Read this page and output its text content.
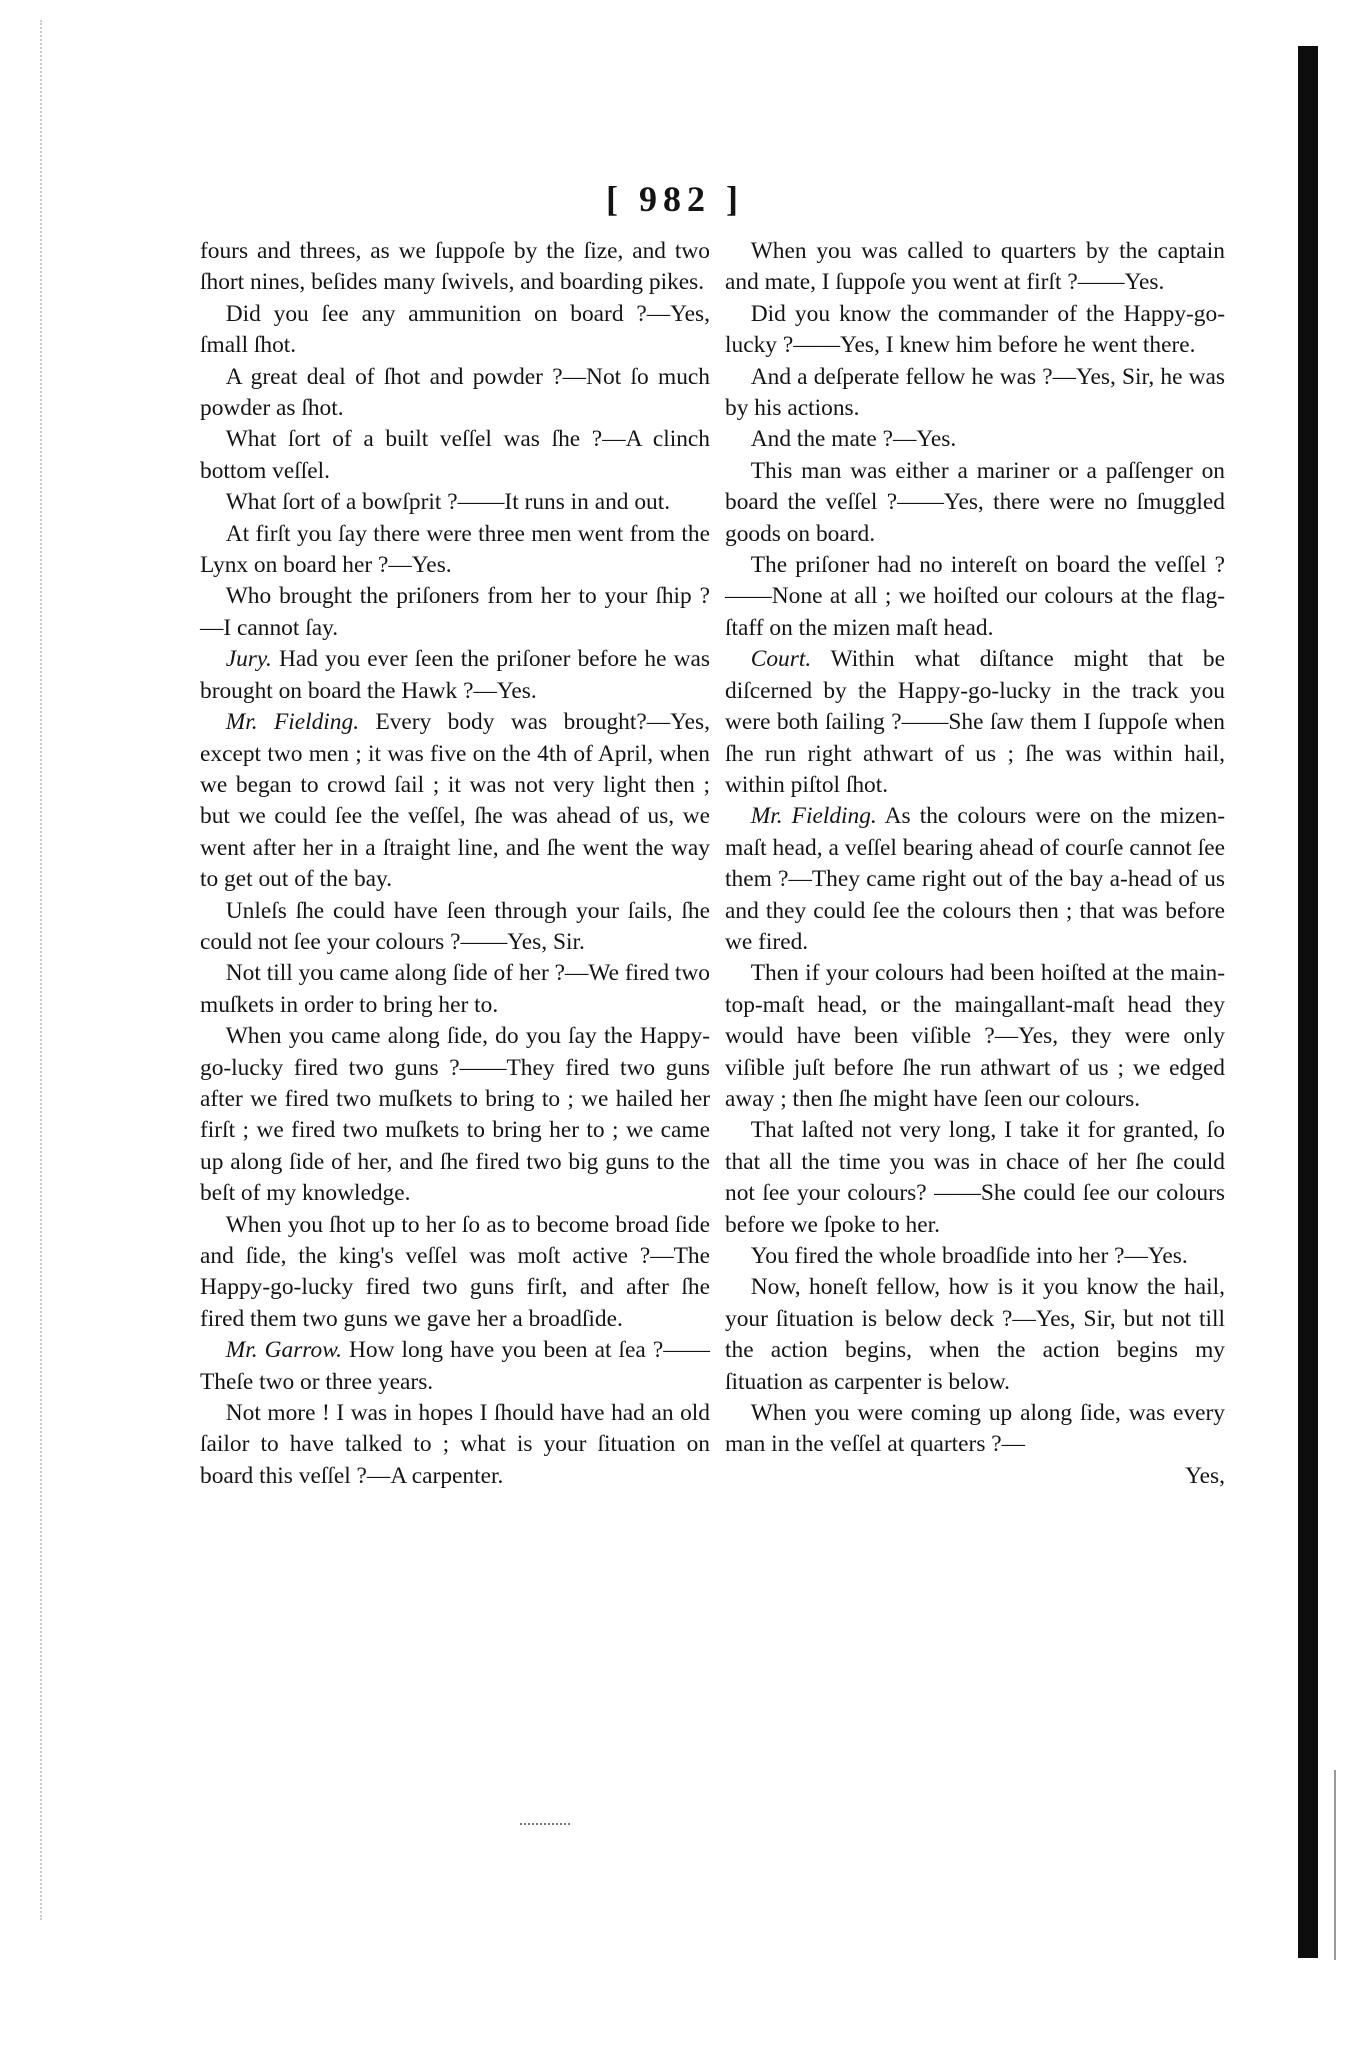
[ 982 ]

fours and threes, as we ſuppoſe by the ſize, and two ſhort nines, beſides many ſwivels, and boarding pikes.

Did you ſee any ammunition on board ?—Yes, ſmall ſhot.

A great deal of ſhot and powder ?—Not ſo much powder as ſhot.

What ſort of a built veſſel was ſhe ?—A clinch bottom veſſel.

What ſort of a bowſprit ?——It runs in and out.

At firſt you ſay there were three men went from the Lynx on board her ?—Yes.

Who brought the priſoners from her to your ſhip ?—I cannot ſay.

Jury. Had you ever ſeen the priſoner before he was brought on board the Hawk ?—Yes.

Mr. Fielding. Every body was brought?—Yes, except two men ; it was five on the 4th of April, when we began to crowd ſail ; it was not very light then ; but we could ſee the veſſel, ſhe was ahead of us, we went after her in a ſtraight line, and ſhe went the way to get out of the bay.

Unleſs ſhe could have ſeen through your ſails, ſhe could not ſee your colours ?——Yes, Sir.

Not till you came along ſide of her ?—We fired two muſkets in order to bring her to.

When you came along ſide, do you ſay the Happy-go-lucky fired two guns ?——They fired two guns after we fired two muſkets to bring to ; we hailed her firſt ; we fired two muſkets to bring her to ; we came up along ſide of her, and ſhe fired two big guns to the beſt of my knowledge.

When you ſhot up to her ſo as to become broad ſide and ſide, the king's veſſel was moſt active ?—The Happy-go-lucky fired two guns firſt, and after ſhe fired them two guns we gave her a broadſide.

Mr. Garrow. How long have you been at ſea ?——Theſe two or three years.

Not more ! I was in hopes I ſhould have had an old ſailor to have talked to ; what is your ſituation on board this veſſel ?—A carpenter.

When you was called to quarters by the captain and mate, I ſuppoſe you went at firſt ?——Yes.

Did you know the commander of the Happy-go-lucky ?——Yes, I knew him before he went there.

And a deſperate fellow he was ?—Yes, Sir, he was by his actions.

And the mate ?—Yes.

This man was either a mariner or a paſſenger on board the veſſel ?——Yes, there were no ſmuggled goods on board.

The priſoner had no intereſt on board the veſſel ?——None at all ; we hoiſted our colours at the flag-ſtaff on the mizen maſt head.

Court. Within what diſtance might that be diſcerned by the Happy-go-lucky in the track you were both ſailing ?——She ſaw them I ſuppoſe when ſhe run right athwart of us ; ſhe was within hail, within piſtol ſhot.

Mr. Fielding. As the colours were on the mizen-maſt head, a veſſel bearing ahead of courſe cannot ſee them ?—They came right out of the bay a-head of us and they could ſee the colours then ; that was before we fired.

Then if your colours had been hoiſted at the main-top-maſt head, or the maingallant-maſt head they would have been viſible ?—Yes, they were only viſible juſt before ſhe run athwart of us ; we edged away ; then ſhe might have ſeen our colours.

That laſted not very long, I take it for granted, ſo that all the time you was in chace of her ſhe could not ſee your colours? ——She could ſee our colours before we ſpoke to her.

You fired the whole broadſide into her ?—Yes.

Now, honeſt fellow, how is it you know the hail, your ſituation is below deck ?—Yes, Sir, but not till the action begins, when the action begins my ſituation as carpenter is below.

When you were coming up along ſide, was every man in the veſſel at quarters ?—

Yes,
